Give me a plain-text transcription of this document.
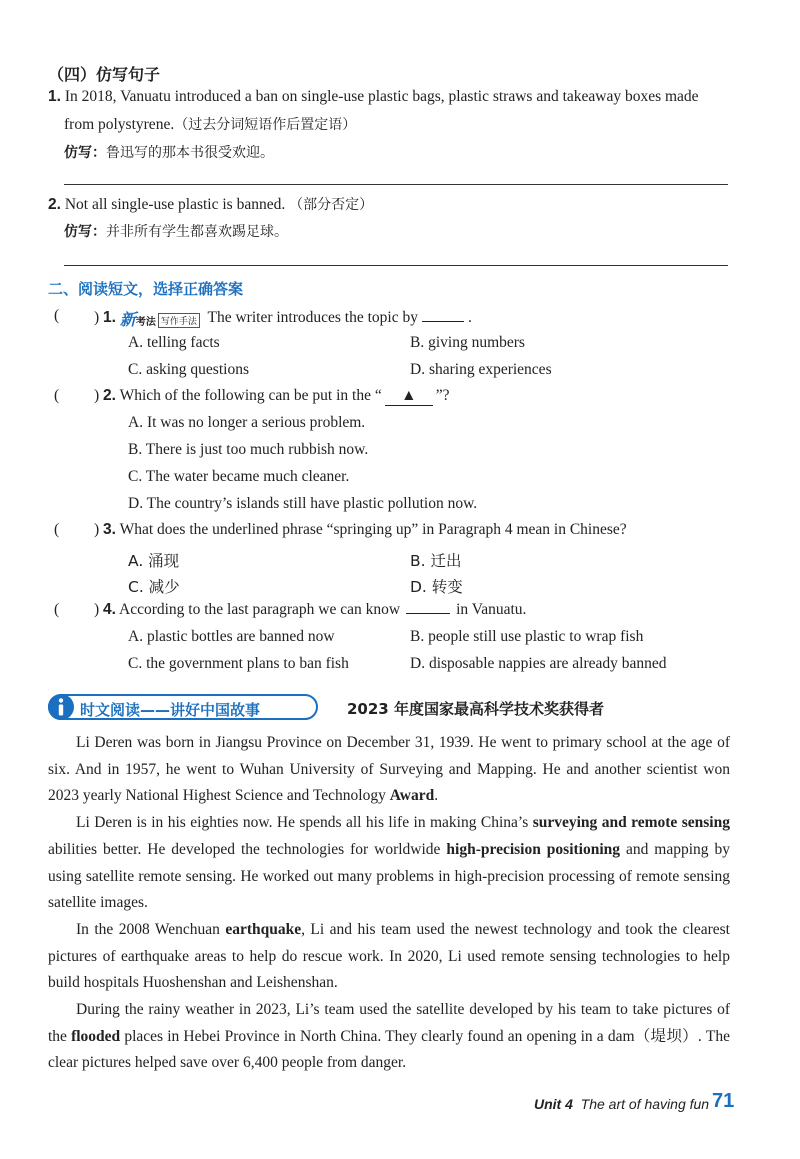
（四）仿写句子
1. In 2018, Vanuatu introduced a ban on single-use plastic bags, plastic straws and takeaway boxes made
from polystyrene.（过去分词短语作后置定语）
仿写：鲁迅写的那本书很受欢迎。
2. Not all single-use plastic is banned. （部分否定）
仿写：并非所有学生都喜欢踢足球。
二、阅读短文，选择正确答案
( ) 1. 新考法 写作手法 The writer introduces the topic by	.
A. telling facts	B. giving numbers
C. asking questions	D. sharing experiences
( ) 2. Which of the following can be put in the “ ▲ ”?
A. It was no longer a serious problem.
B. There is just too much rubbish now.
C. The water became much cleaner.
D. The country’s islands still have plastic pollution now.
( ) 3. What does the underlined phrase “springing up” in Paragraph 4 mean in Chinese?
A. 涌现	B. 迁出
C. 减少	D. 转变
( ) 4. According to the last paragraph we can know	in Vanuatu.
A. plastic bottles are banned now	B. people still use plastic to wrap fish
C. the government plans to ban fish	D. disposable nappies are already banned
时文阅读——讲好中国故事	2023 年度国家最高科学技术奖获得者

Li Deren was born in Jiangsu Province on December 31, 1939. He went to primary school at the age of six. And in 1957, he went to Wuhan University of Surveying and Mapping. He and another scientist won 2023 yearly National Highest Science and Technology Award.

Li Deren is in his eighties now. He spends all his life in making China’s surveying and remote sensing abilities better. He developed the technologies for worldwide high-precision positioning and mapping by using satellite remote sensing. He worked out many problems in high-precision processing of remote sensing satellite images.

In the 2008 Wenchuan earthquake, Li and his team used the newest technology and took the clearest pictures of earthquake areas to help do rescue work. In 2020, Li used remote sensing technologies to help build hospitals Huoshenshan and Leishenshan.

During the rainy weather in 2023, Li’s team used the satellite developed by his team to take pictures of the flooded places in Hebei Province in North China. They clearly found an opening in a dam（堤坝）. The clear pictures helped save over 6,400 people from danger.

Unit 4 The art of having fun 71
